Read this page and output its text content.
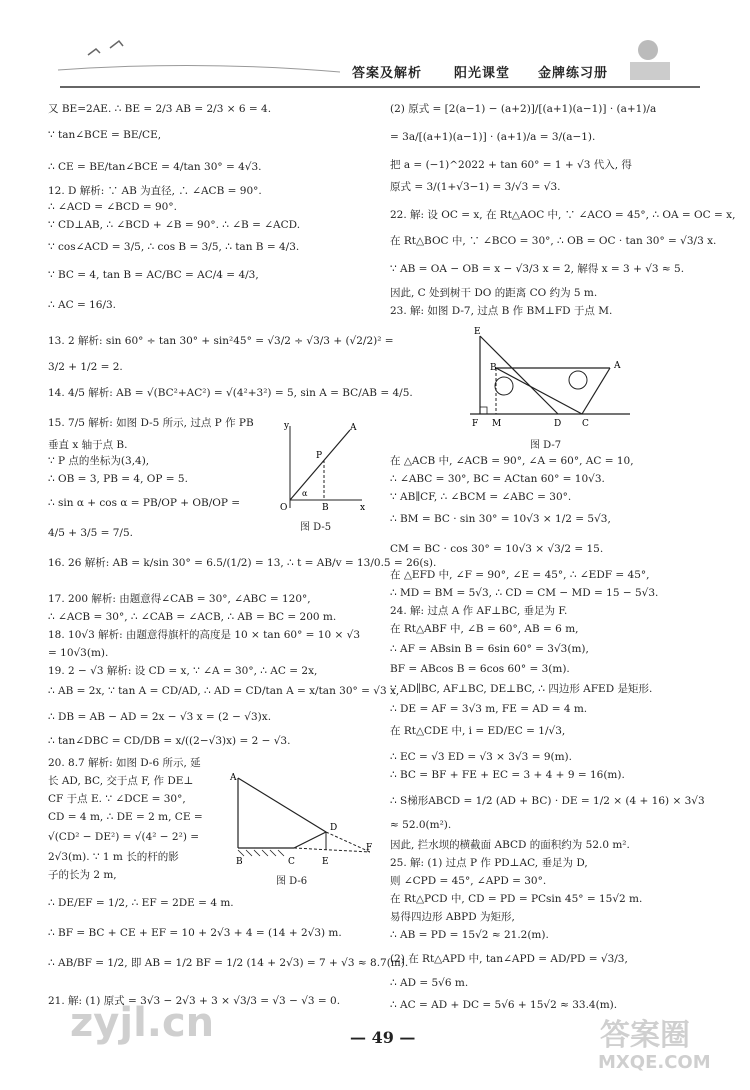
答案及解析 阳光课堂 金牌练习册
又 BE=2AE. ∴ BE = 2/3 AB = 2/3 × 6 = 4.
∵ tan∠BCE = BE/CE,
∴ CE = BE/tan∠BCE = 4/tan 30° = 4√3.
12. D 解析: ∵ AB 为直径, ∴ ∠ACB = 90°.
∴ ∠ACD = ∠BCD = 90°.
∵ CD⊥AB, ∴ ∠BCD + ∠B = 90°. ∴ ∠B = ∠ACD.
∵ cos∠ACD = 3/5, ∴ cos B = 3/5, ∴ tan B = 4/3.
∵ BC = 4, tan B = AC/BC = AC/4 = 4/3,
∴ AC = 16/3.
13. 2 解析: sin 60° ÷ tan 30° + sin²45° = √3/2 ÷ √3/3 + (√2/2)² =
3/2 + 1/2 = 2.
14. 4/5 解析: AB = √(BC²+AC²) = √(4²+3²) = 5, sin A = BC/AB = 4/5.
15. 7/5 解析: 如图 D-5 所示, 过点 P 作 PB
垂直 x 轴于点 B.
∵ P 点的坐标为(3,4),
∴ OB = 3, PB = 4, OP = 5.
∴ sin α + cos α = PB/OP + OB/OP =
4/5 + 3/5 = 7/5.
16. 26 解析: AB = k/sin 30° = 6.5/(1/2) = 13, ∴ t = AB/v = 13/0.5 = 26(s).
17. 200 解析: 由题意得∠CAB = 30°, ∠ABC = 120°,
∴ ∠ACB = 30°, ∴ ∠CAB = ∠ACB, ∴ AB = BC = 200 m.
18. 10√3 解析: 由题意得旗杆的高度是 10 × tan 60° = 10 × √3
= 10√3(m).
19. 2 − √3 解析: 设 CD = x, ∵ ∠A = 30°, ∴ AC = 2x,
∴ AB = 2x, ∵ tan A = CD/AD, ∴ AD = CD/tan A = x/tan 30° = √3 x,
∴ DB = AB − AD = 2x − √3 x = (2 − √3)x.
∴ tan∠DBC = CD/DB = x/((2−√3)x) = 2 − √3.
20. 8.7 解析: 如图 D-6 所示, 延
长 AD, BC, 交于点 F, 作 DE⊥
CF 于点 E. ∵ ∠DCE = 30°,
CD = 4 m, ∴ DE = 2 m, CE =
√(CD² − DE²) = √(4² − 2²) =
2√3(m). ∵ 1 m 长的杆的影
子的长为 2 m,
∴ DE/EF = 1/2, ∴ EF = 2DE = 4 m.
∴ BF = BC + CE + EF = 10 + 2√3 + 4 = (14 + 2√3) m.
∴ AB/BF = 1/2, 即 AB = 1/2 BF = 1/2 (14 + 2√3) = 7 + √3 ≈ 8.7(m).
21. 解: (1) 原式 = 3√3 − 2√3 + 3 × √3/3 = √3 − √3 = 0.
y
x
O
P
A
B
α
图 D-5
A
B	C
D
E
F
图 D-6
(2) 原式 = [2(a−1) − (a+2)]/[(a+1)(a−1)] · (a+1)/a
= 3a/[(a+1)(a−1)] · (a+1)/a = 3/(a−1).
把 a = (−1)^2022 + tan 60° = 1 + √3 代入, 得
原式 = 3/(1+√3−1) = 3/√3 = √3.
22. 解: 设 OC = x, 在 Rt△AOC 中, ∵ ∠ACO = 45°, ∴ OA = OC = x,
在 Rt△BOC 中, ∵ ∠BCO = 30°, ∴ OB = OC · tan 30° = √3/3 x.
∵ AB = OA − OB = x − √3/3 x = 2, 解得 x = 3 + √3 ≈ 5.
因此, C 处到树干 DO 的距离 CO 约为 5 m.
23. 解: 如图 D-7, 过点 B 作 BM⊥FD 于点 M.
在 △ACB 中, ∠ACB = 90°, ∠A = 60°, AC = 10,
∴ ∠ABC = 30°, BC = ACtan 60° = 10√3.
∵ AB∥CF, ∴ ∠BCM = ∠ABC = 30°.
∴ BM = BC · sin 30° = 10√3 × 1/2 = 5√3,
CM = BC · cos 30° = 10√3 × √3/2 = 15.
在 △EFD 中, ∠F = 90°, ∠E = 45°, ∴ ∠EDF = 45°,
∴ MD = BM = 5√3, ∴ CD = CM − MD = 15 − 5√3.
24. 解: 过点 A 作 AF⊥BC, 垂足为 F.
在 Rt△ABF 中, ∠B = 60°, AB = 6 m,
∴ AF = ABsin B = 6sin 60° = 3√3(m),
BF = ABcos B = 6cos 60° = 3(m).
∵ AD∥BC, AF⊥BC, DE⊥BC, ∴ 四边形 AFED 是矩形.
∴ DE = AF = 3√3 m, FE = AD = 4 m.
在 Rt△CDE 中, i = ED/EC = 1/√3,
∴ EC = √3 ED = √3 × 3√3 = 9(m).
∴ BC = BF + FE + EC = 3 + 4 + 9 = 16(m).
∴ S梯形ABCD = 1/2 (AD + BC) · DE = 1/2 × (4 + 16) × 3√3
≈ 52.0(m²).
因此, 拦水坝的横截面 ABCD 的面积约为 52.0 m².
25. 解: (1) 过点 P 作 PD⊥AC, 垂足为 D,
则 ∠CPD = 45°, ∠APD = 30°.
在 Rt△PCD 中, CD = PD = PCsin 45° = 15√2 m.
易得四边形 ABPD 为矩形,
∴ AB = PD = 15√2 ≈ 21.2(m).
(2) 在 Rt△APD 中, tan∠APD = AD/PD = √3/3,
∴ AD = 5√6 m.
∴ AC = AD + DC = 5√6 + 15√2 ≈ 33.4(m).
E
A
B
F M	D C
图 D-7
— 49 —
zyjl.cn	答案圈
MXQE.COM
